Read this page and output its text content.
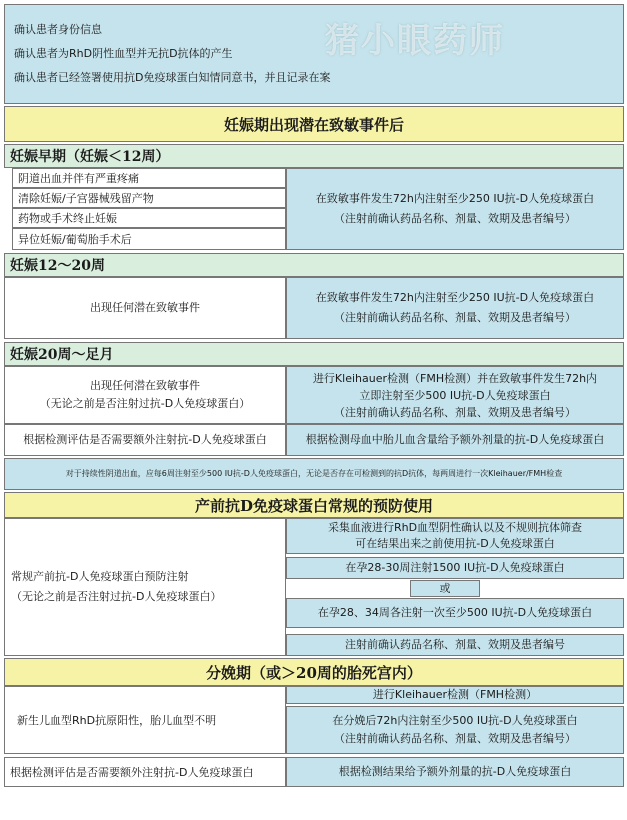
确认患者身份信息
确认患者为RhD阴性血型并无抗D抗体的产生
确认患者已经签署使用抗D免疫球蛋白知情同意书，并且记录在案
猪小眼药师
妊娠期出现潜在致敏事件后
妊娠早期（妊娠＜12周）
阴道出血并伴有严重疼痛
清除妊娠/子宫器械残留产物
药物或手术终止妊娠
异位妊娠/葡萄胎手术后
在致敏事件发生72h内注射至少250 IU抗-D人免疫球蛋白
（注射前确认药品名称、剂量、效期及患者编号）
妊娠12～20周
出现任何潜在致敏事件
在致敏事件发生72h内注射至少250 IU抗-D人免疫球蛋白
（注射前确认药品名称、剂量、效期及患者编号）
妊娠20周～足月
出现任何潜在致敏事件
（无论之前是否注射过抗-D人免疫球蛋白）
进行Kleihauer检测（FMH检测）并在致敏事件发生72h内
立即注射至少500 IU抗-D人免疫球蛋白
（注射前确认药品名称、剂量、效期及患者编号）
根据检测评估是否需要额外注射抗-D人免疫球蛋白	根据检测母血中胎儿血含量给予额外剂量的抗-D人免疫球蛋白
对于持续性阴道出血，应每6周注射至少500 IU抗-D人免疫球蛋白，无论是否存在可检测到的抗D抗体，每两周进行一次Kleihauer/FMH检查
产前抗D免疫球蛋白常规的预防使用
常规产前抗-D人免疫球蛋白预防注射
（无论之前是否注射过抗-D人免疫球蛋白）
采集血液进行RhD血型阴性确认以及不规则抗体筛查
可在结果出来之前使用抗-D人免疫球蛋白
在孕28-30周注射1500 IU抗-D人免疫球蛋白
或
在孕28、34周各注射一次至少500 IU抗-D人免疫球蛋白
注射前确认药品名称、剂量、效期及患者编号
分娩期（或＞20周的胎死宫内）
新生儿血型RhD抗原阳性，胎儿血型不明
进行Kleihauer检测（FMH检测）
在分娩后72h内注射至少500 IU抗-D人免疫球蛋白
（注射前确认药品名称、剂量、效期及患者编号）
根据检测评估是否需要额外注射抗-D人免疫球蛋白	根据检测结果给予额外剂量的抗-D人免疫球蛋白
